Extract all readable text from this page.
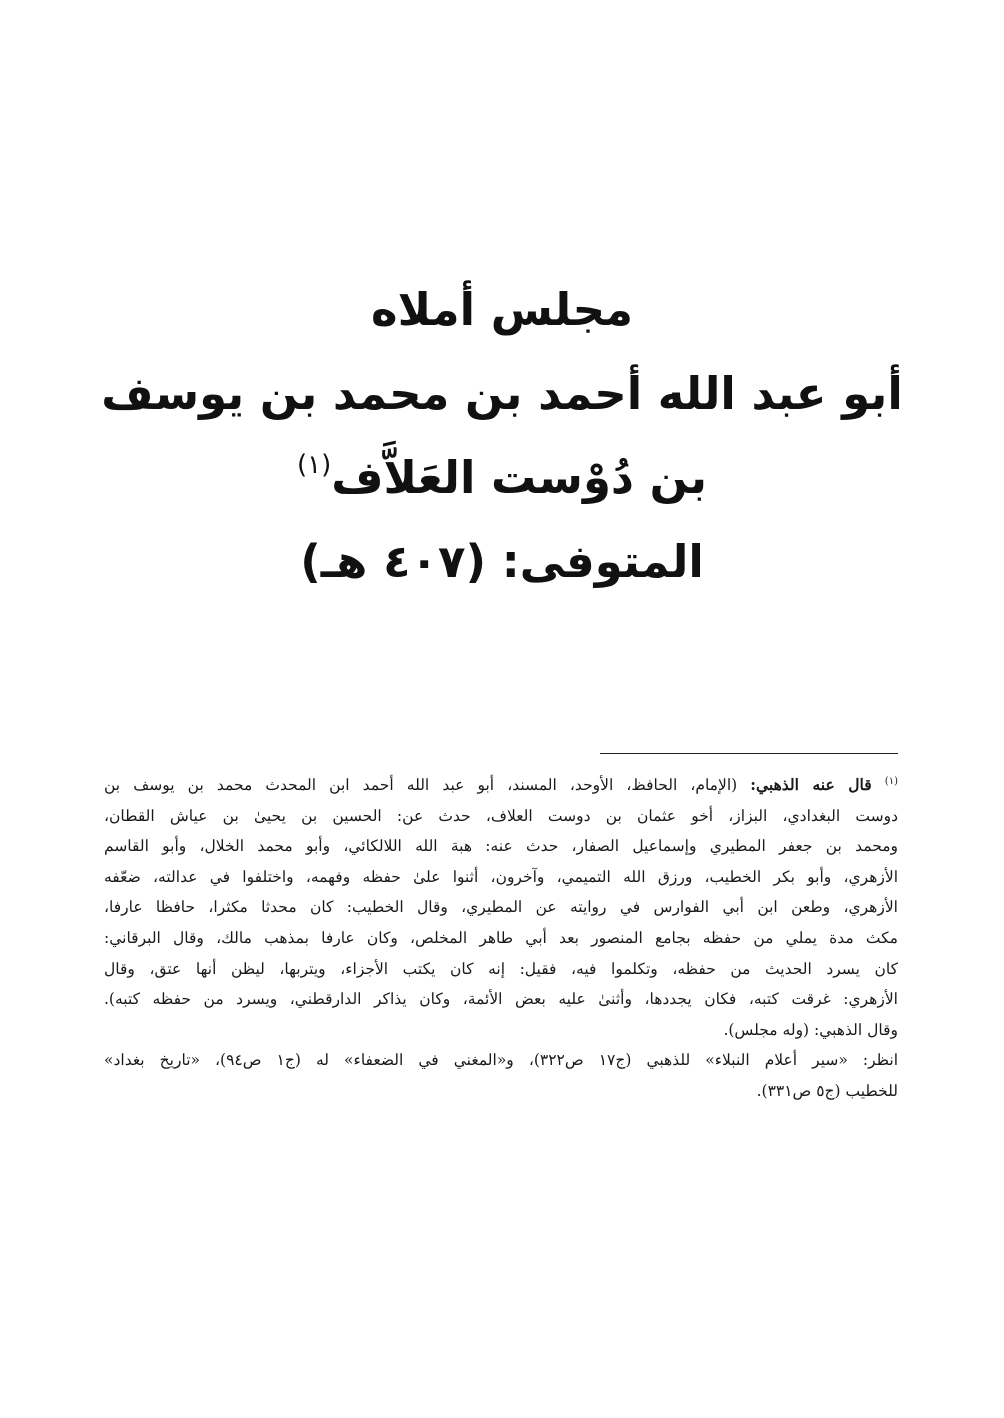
مجلس أملاه
أبو عبد الله أحمد بن محمد بن يوسف
بن دُوْست العَلاَّف$^{(١)}$
المتوفى: (٤٠٧ هـ)
$^{(١)}$ قال عنه الذهبي: (الإمام، الحافظ، الأوحد، المسند، أبو عبد الله أحمد ابن المحدث محمد بن يوسف بن
دوست البغدادي، البزاز، أخو عثمان بن دوست العلاف، حدث عن: الحسين بن يحيىٰ بن عياش القطان،
ومحمد بن جعفر المطيري وإسماعيل الصفار، حدث عنه: هبة الله اللالكائي، وأبو محمد الخلال، وأبو القاسم
الأزهري، وأبو بكر الخطيب، ورزق الله التميمي، وآخرون، أثنوا علىٰ حفظه وفهمه، واختلفوا في عدالته، ضعّفه
الأزهري، وطعن ابن أبي الفوارس في روايته عن المطيري، وقال الخطيب: كان محدثا مكثرا، حافظا عارفا،
مكث مدة يملي من حفظه بجامع المنصور بعد أبي طاهر المخلص، وكان عارفا بمذهب مالك، وقال البرقاني:
كان يسرد الحديث من حفظه، وتكلموا فيه، فقيل: إنه كان يكتب الأجزاء، ويتربها، ليظن أنها عتق، وقال
الأزهري: غرقت كتبه، فكان يجددها، وأثنىٰ عليه بعض الأئمة، وكان يذاكر الدارقطني، ويسرد من حفظه كتبه).
وقال الذهبي: (وله مجلس).
انظر: «سير أعلام النبلاء» للذهبي (ج١٧ ص٣٢٢)، و«المغني في الضعفاء» له (ج١ ص٩٤)، «تاريخ بغداد»
للخطيب (ج٥ ص٣٣١).
